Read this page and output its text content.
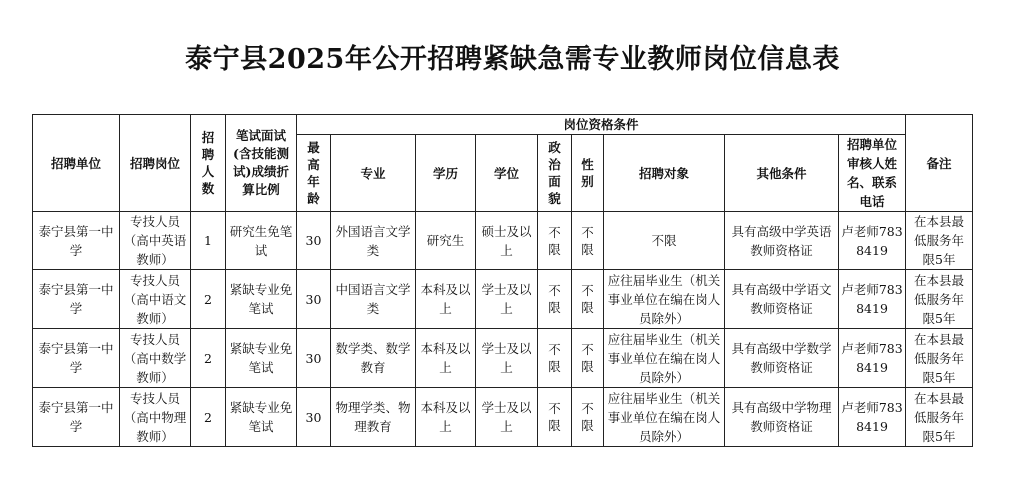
泰宁县2025年公开招聘紧缺急需专业教师岗位信息表
招聘单位	招聘岗位	招聘人数	笔试面试(含技能测试)成绩折算比例	岗位资格条件									备注

				最高年龄	专业	学历	学位	政治面貌	性别	招聘对象	其他条件	招聘单位审核人姓名、联系电话	

泰宁县第一中学	专技人员（高中英语教师）	1	研究生免笔试	30	外国语言文学类	研究生	硕士及以上	不限	不限	不限	具有高级中学英语教师资格证	卢老师7838419	在本县最低服务年限5年

泰宁县第一中学	专技人员（高中语文教师）	2	紧缺专业免笔试	30	中国语言文学类	本科及以上	学士及以上	不限	不限	应往届毕业生（机关事业单位在编在岗人员除外）	具有高级中学语文教师资格证	卢老师7838419	在本县最低服务年限5年

泰宁县第一中学	专技人员（高中数学教师）	2	紧缺专业免笔试	30	数学类、数学教育	本科及以上	学士及以上	不限	不限	应往届毕业生（机关事业单位在编在岗人员除外）	具有高级中学数学教师资格证	卢老师7838419	在本县最低服务年限5年

泰宁县第一中学	专技人员（高中物理教师）	2	紧缺专业免笔试	30	物理学类、物理教育	本科及以上	学士及以上	不限	不限	应往届毕业生（机关事业单位在编在岗人员除外）	具有高级中学物理教师资格证	卢老师7838419	在本县最低服务年限5年
